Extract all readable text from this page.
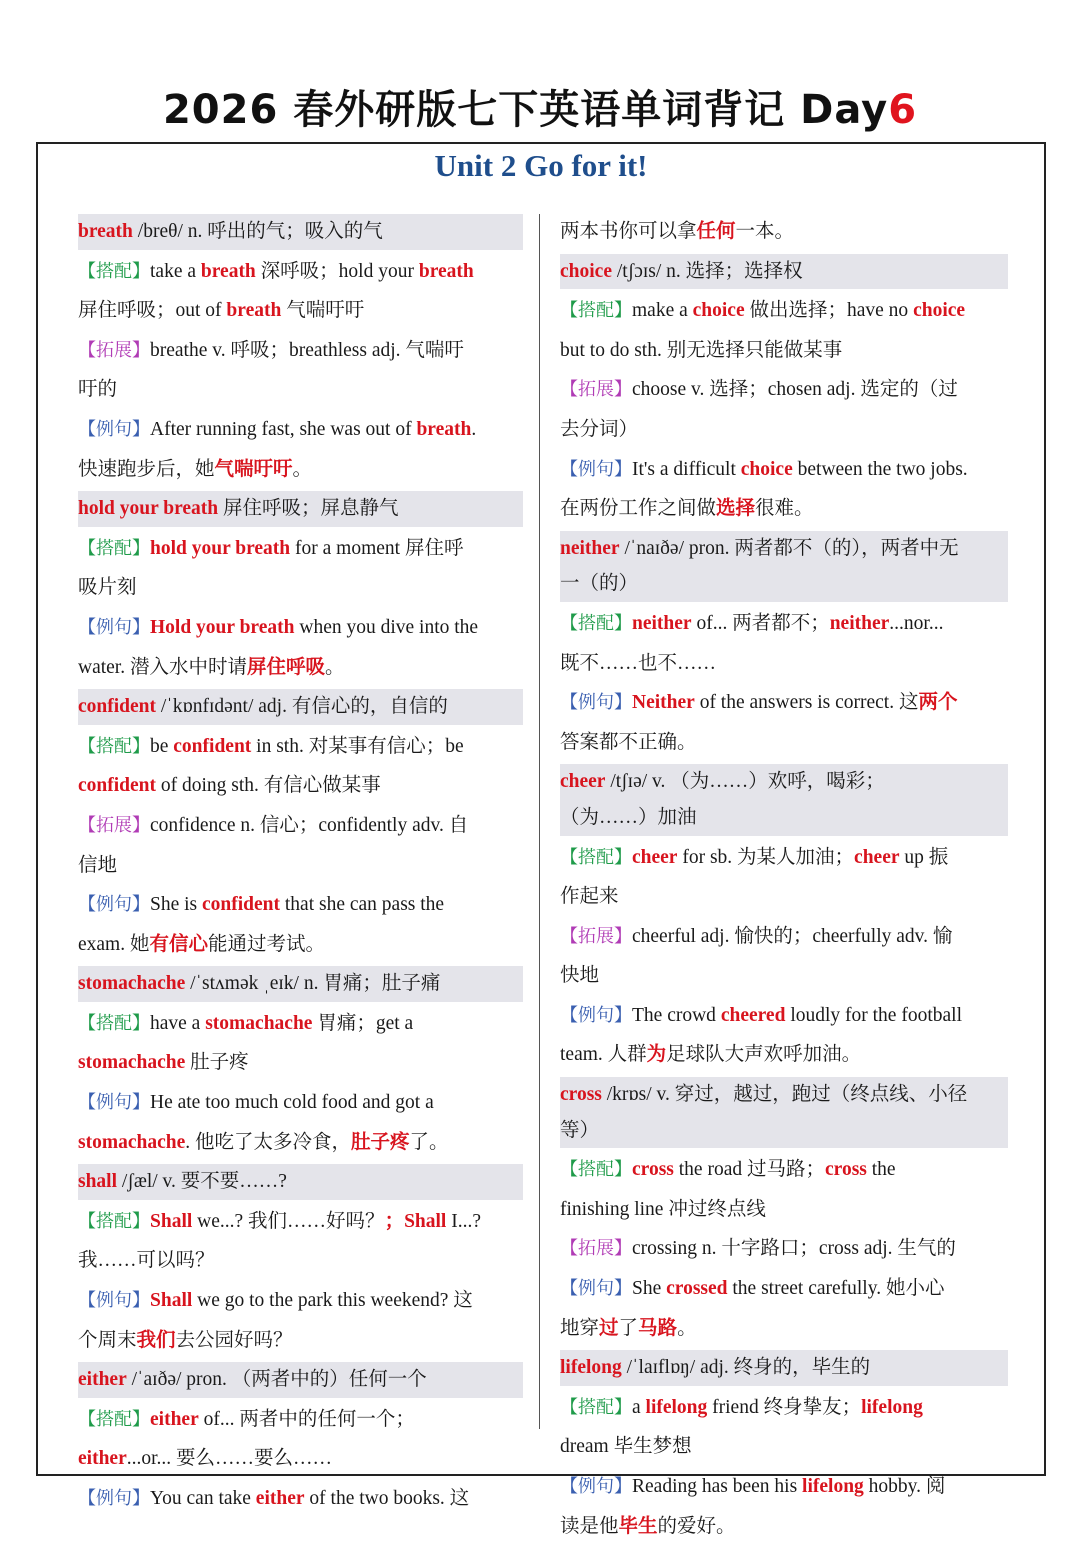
2026 春外研版七下英语单词背记 Day6
Unit 2 Go for it!
breath /breθ/ n. 呼出的气；吸入的气
【搭配】take a breath 深呼吸；hold your breath
屏住呼吸；out of breath 气喘吁吁
【拓展】breathe v. 呼吸；breathless adj. 气喘吁
吁的
【例句】After running fast, she was out of breath.
快速跑步后，她气喘吁吁。
hold your breath 屏住呼吸；屏息静气
【搭配】hold your breath for a moment 屏住呼
吸片刻
【例句】Hold your breath when you dive into the
water. 潜入水中时请屏住呼吸。
confident /ˈkɒnfɪdənt/ adj. 有信心的，自信的
【搭配】be confident in sth. 对某事有信心；be
confident of doing sth. 有信心做某事
【拓展】confidence n. 信心；confidently adv. 自
信地
【例句】She is confident that she can pass the
exam. 她有信心能通过考试。
stomachache /ˈstʌmək ˌeɪk/ n. 胃痛；肚子痛
【搭配】have a stomachache 胃痛；get a
stomachache 肚子疼
【例句】He ate too much cold food and got a
stomachache. 他吃了太多冷食，肚子疼了。
shall /ʃæl/ v. 要不要……?
【搭配】Shall we...? 我们……好吗？；Shall I...?
我……可以吗？
【例句】Shall we go to the park this weekend? 这
个周末我们去公园好吗？
either /ˈaɪðə/ pron. （两者中的）任何一个
【搭配】either of... 两者中的任何一个；
either...or... 要么……要么……
【例句】You can take either of the two books. 这
两本书你可以拿任何一本。
choice /tʃɔɪs/ n. 选择；选择权
【搭配】make a choice 做出选择；have no choice
but to do sth. 别无选择只能做某事
【拓展】choose v. 选择；chosen adj. 选定的（过
去分词）
【例句】It's a difficult choice between the two jobs.
在两份工作之间做选择很难。
neither /ˈnaɪðə/ pron. 两者都不（的），两者中无
一（的）
【搭配】neither of... 两者都不；neither...nor...
既不……也不……
【例句】Neither of the answers is correct. 这两个
答案都不正确。
cheer /tʃɪə/ v. （为……）欢呼，喝彩；
（为……）加油
【搭配】cheer for sb. 为某人加油；cheer up 振
作起来
【拓展】cheerful adj. 愉快的；cheerfully adv. 愉
快地
【例句】The crowd cheered loudly for the football
team. 人群为足球队大声欢呼加油。
cross /krɒs/ v. 穿过，越过，跑过（终点线、小径
等）
【搭配】cross the road 过马路；cross the
finishing line 冲过终点线
【拓展】crossing n. 十字路口；cross adj. 生气的
【例句】She crossed the street carefully. 她小心
地穿过了马路。
lifelong /ˈlaɪflɒŋ/ adj. 终身的，毕生的
【搭配】a lifelong friend 终身挚友；lifelong
dream 毕生梦想
【例句】Reading has been his lifelong hobby. 阅
读是他毕生的爱好。
